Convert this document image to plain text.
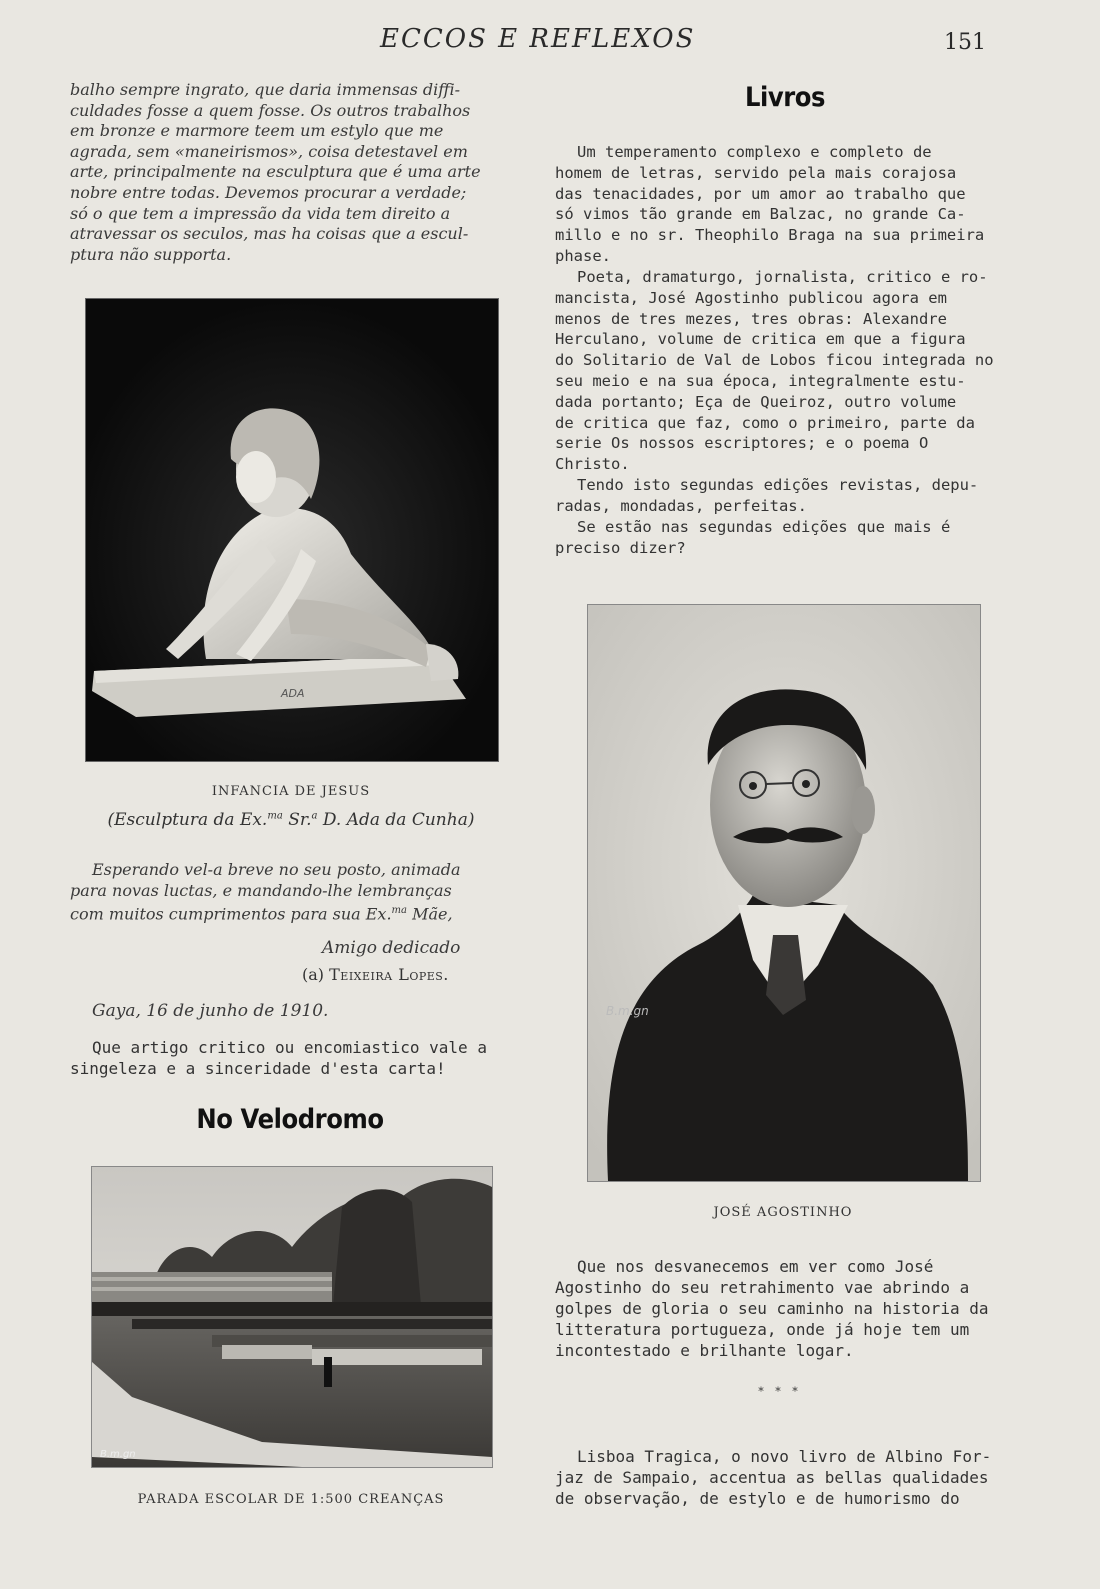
ECCOS E REFLEXOS	151

balho sempre ingrato, que daria immensas diffi-

culdades fosse a quem fosse. Os outros trabalhos

em bronze e marmore teem um estylo que me

agrada, sem «maneirismos», coisa detestavel em

arte, principalmente na esculptura que é uma arte

nobre entre todas. Devemos procurar a verdade;

só o que tem a impressão da vida tem direito a

atravessar os seculos, mas ha coisas que a escul-

ptura não supporta.

ADA
INFANCIA DE JESUS
(Esculptura da Ex.$^{ma}$ Sr.$^a$ D. Ada da Cunha)

Esperando vel-a breve no seu posto, animada

para novas luctas, e mandando-lhe lembranças

com muitos cumprimentos para sua Ex.$^{ma}$ Mãe,

Amigo dedicado
(a) Teixeira Lopes.
Gaya, 16 de junho de 1910.

Que artigo critico ou encomiastico vale a

singeleza e a sinceridade d'esta carta!

No Velodromo
B.m.gn
PARADA ESCOLAR DE 1:500 CREANÇAS
Livros

Um temperamento complexo e completo de

homem de letras, servido pela mais corajosa

das tenacidades, por um amor ao trabalho que

só vimos tão grande em Balzac, no grande Ca-

millo e no sr. Theophilo Braga na sua primeira

phase.

Poeta, dramaturgo, jornalista, critico e ro-

mancista, José Agostinho publicou agora em

menos de tres mezes, tres obras: Alexandre

Herculano, volume de critica em que a figura

do Solitario de Val de Lobos ficou integrada no

seu meio e na sua época, integralmente estu-

dada portanto; Eça de Queiroz, outro volume

de critica que faz, como o primeiro, parte da

serie Os nossos escriptores; e o poema O

Christo.

Tendo isto segundas edições revistas, depu-

radas, mondadas, perfeitas.

Se estão nas segundas edições que mais é

preciso dizer?

B.m.gn
JOSÉ AGOSTINHO

Que nos desvanecemos em ver como José

Agostinho do seu retrahimento vae abrindo a

golpes de gloria o seu caminho na historia da

litteratura portugueza, onde já hoje tem um

incontestado e brilhante logar.

* * *

Lisboa Tragica, o novo livro de Albino For-

jaz de Sampaio, accentua as bellas qualidades

de observação, de estylo e de humorismo do
